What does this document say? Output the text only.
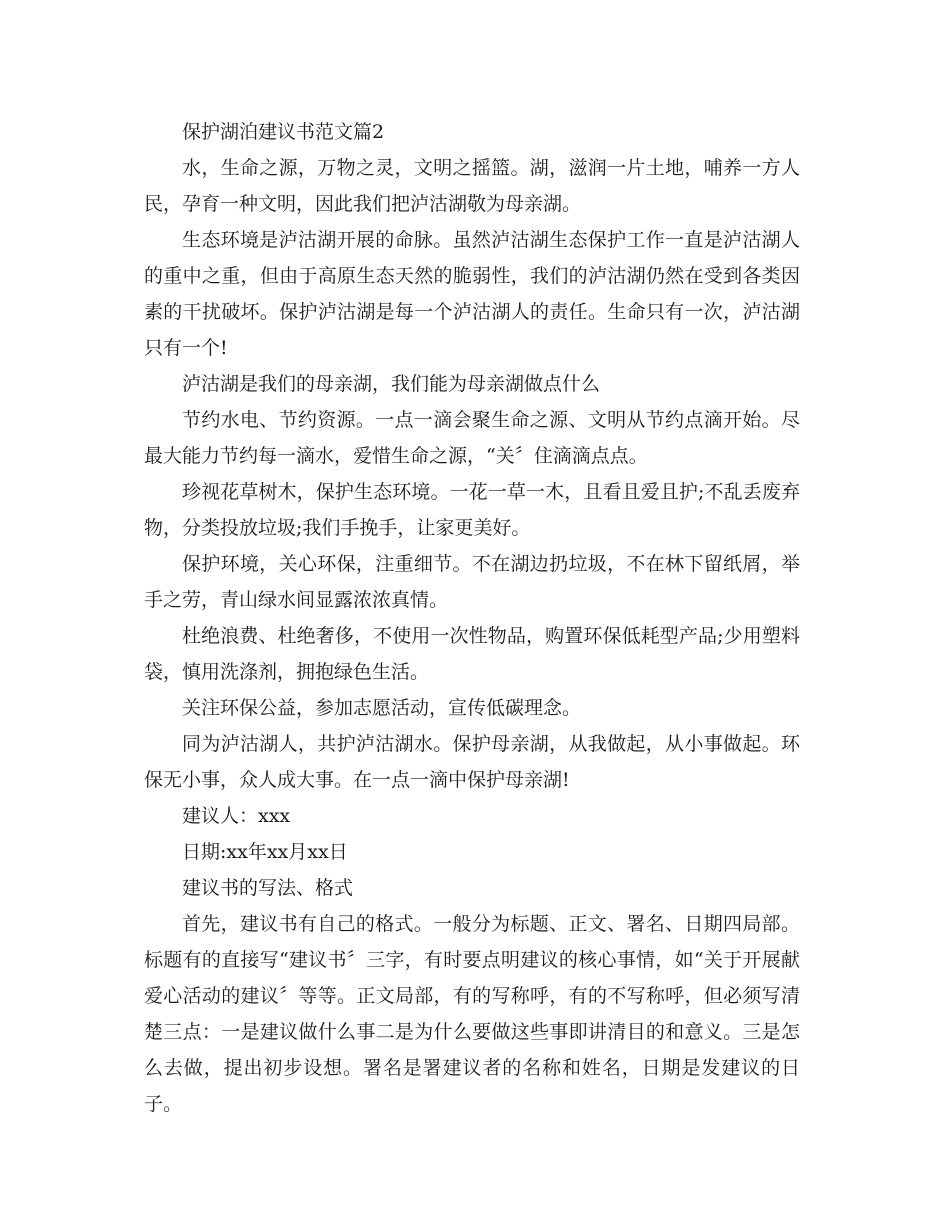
保护湖泊建议书范文篇2

水，生命之源，万物之灵，文明之摇篮。湖，滋润一片土地，哺养一方人民，孕育一种文明，因此我们把泸沽湖敬为母亲湖。

生态环境是泸沽湖开展的命脉。虽然泸沽湖生态保护工作一直是泸沽湖人的重中之重，但由于高原生态天然的脆弱性，我们的泸沽湖仍然在受到各类因素的干扰破坏。保护泸沽湖是每一个泸沽湖人的责任。生命只有一次，泸沽湖只有一个!

泸沽湖是我们的母亲湖，我们能为母亲湖做点什么

节约水电、节约资源。一点一滴会聚生命之源、文明从节约点滴开始。尽最大能力节约每一滴水，爱惜生命之源，“关〞住滴滴点点。

珍视花草树木，保护生态环境。一花一草一木，且看且爱且护;不乱丢废弃物，分类投放垃圾;我们手挽手，让家更美好。

保护环境，关心环保，注重细节。不在湖边扔垃圾，不在林下留纸屑，举手之劳，青山绿水间显露浓浓真情。

杜绝浪费、杜绝奢侈，不使用一次性物品，购置环保低耗型产品;少用塑料袋，慎用洗涤剂，拥抱绿色生活。

关注环保公益，参加志愿活动，宣传低碳理念。

同为泸沽湖人，共护泸沽湖水。保护母亲湖，从我做起，从小事做起。环保无小事，众人成大事。在一点一滴中保护母亲湖!

建议人：xxx

日期:xx年xx月xx日

建议书的写法、格式

首先，建议书有自己的格式。一般分为标题、正文、署名、日期四局部。标题有的直接写“建议书〞三字，有时要点明建议的核心事情，如“关于开展献爱心活动的建议〞等等。正文局部，有的写称呼，有的不写称呼，但必须写清楚三点：一是建议做什么事二是为什么要做这些事即讲清目的和意义。三是怎么去做，提出初步设想。署名是署建议者的名称和姓名，日期是发建议的日子。
